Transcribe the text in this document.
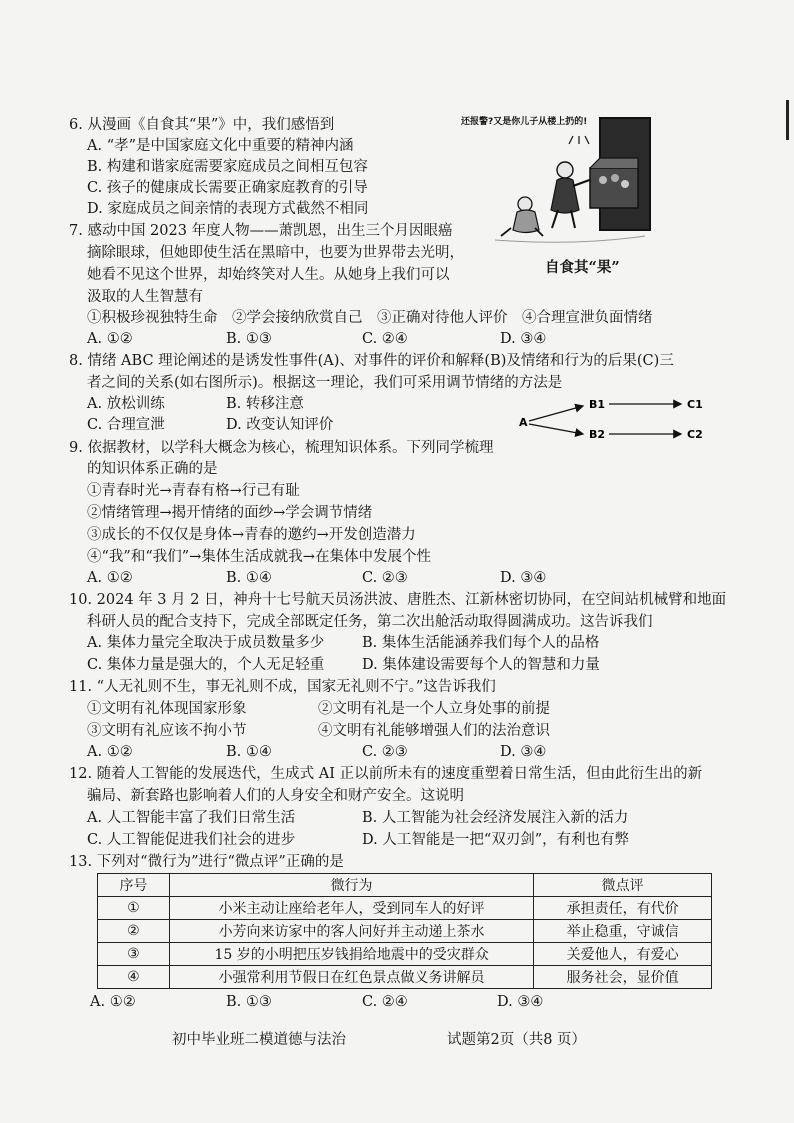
6. 从漫画《自食其“果”》中，我们感悟到
A. “孝”是中国家庭文化中重要的精神内涵
B. 构建和谐家庭需要家庭成员之间相互包容
C. 孩子的健康成长需要正确家庭教育的引导
D. 家庭成员之间亲情的表现方式截然不相同
还报警?又是你儿子从楼上扔的!
自食其“果”
7. 感动中国 2023 年度人物——萧凯恩，出生三个月因眼癌
摘除眼球，但她即使生活在黑暗中，也要为世界带去光明，
她看不见这个世界，却始终笑对人生。从她身上我们可以
汲取的人生智慧有
①积极珍视独特生命　②学会接纳欣赏自己　③正确对待他人评价　④合理宣泄负面情绪
A. ①②	B. ①③	C. ②④	D. ③④
8. 情绪 ABC 理论阐述的是诱发性事件(A)、对事件的评价和解释(B)及情绪和行为的后果(C)三
者之间的关系(如右图所示)。根据这一理论，我们可采用调节情绪的方法是
A. 放松训练	B. 转移注意
C. 合理宣泄	D. 改变认知评价	A
B1
B2
C1
C2
9. 依据教材，以学科大概念为核心，梳理知识体系。下列同学梳理
的知识体系正确的是
①青春时光→青春有格→行己有耻
②情绪管理→揭开情绪的面纱→学会调节情绪
③成长的不仅仅是身体→青春的邀约→开发创造潜力
④“我”和“我们”→集体生活成就我→在集体中发展个性
A. ①②	B. ①④	C. ②③	D. ③④
10. 2024 年 3 月 2 日，神舟十七号航天员汤洪波、唐胜杰、江新林密切协同，在空间站机械臂和地面
科研人员的配合支持下，完成全部既定任务，第二次出舱活动取得圆满成功。这告诉我们
A. 集体力量完全取决于成员数量多少	B. 集体生活能涵养我们每个人的品格
C. 集体力量是强大的，个人无足轻重	D. 集体建设需要每个人的智慧和力量
11. “人无礼则不生，事无礼则不成，国家无礼则不宁。”这告诉我们
①文明有礼体现国家形象	②文明有礼是一个人立身处事的前提
③文明有礼应该不拘小节	④文明有礼能够增强人们的法治意识
A. ①②	B. ①④	C. ②③	D. ③④
12. 随着人工智能的发展迭代，生成式 AI 正以前所未有的速度重塑着日常生活，但由此衍生出的新
骗局、新套路也影响着人们的人身安全和财产安全。这说明
A. 人工智能丰富了我们日常生活	B. 人工智能为社会经济发展注入新的活力
C. 人工智能促进我们社会的进步	D. 人工智能是一把“双刃剑”，有利也有弊
13. 下列对“微行为”进行“微点评”正确的是
序号	微行为	微点评
①	小米主动让座给老年人，受到同车人的好评	承担责任，有代价
②	小芳向来访家中的客人问好并主动递上茶水	举止稳重，守诚信
③	15 岁的小明把压岁钱捐给地震中的受灾群众	关爱他人，有爱心
④	小强常利用节假日在红色景点做义务讲解员	服务社会，显价值
A. ①②	B. ①③	C. ②④	D. ③④
初中毕业班二模道德与法治	试题第2页（共8 页）
